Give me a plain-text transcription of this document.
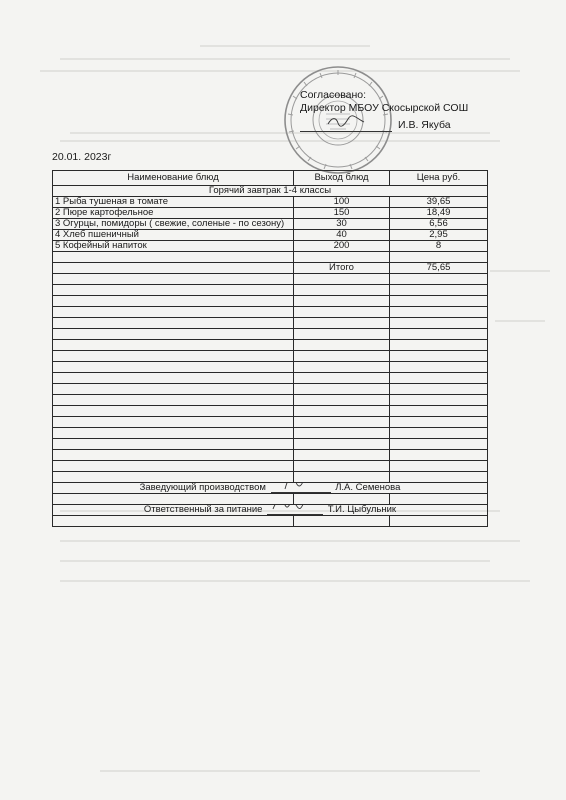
Согласовано:
Директор МБОУ Скосырской СОШ
И.В. Якуба
20.01. 2023г
Наименование блюд	Выход блюд	Цена руб.
Горячий завтрак 1-4 классы		
1 Рыба тушеная в томате	100	39,65
2 Пюре картофельное	150	18,49
3 Огурцы, помидоры ( свежие, соленые - по сезону)	30	6,56
4 Хлеб пшеничный	40	2,95
5 Кофейный напиток	200	8

	Итого	75,65

Заведующий производством Л.А. Семенова		

Ответственный за питание Т.И. Цыбульник		
